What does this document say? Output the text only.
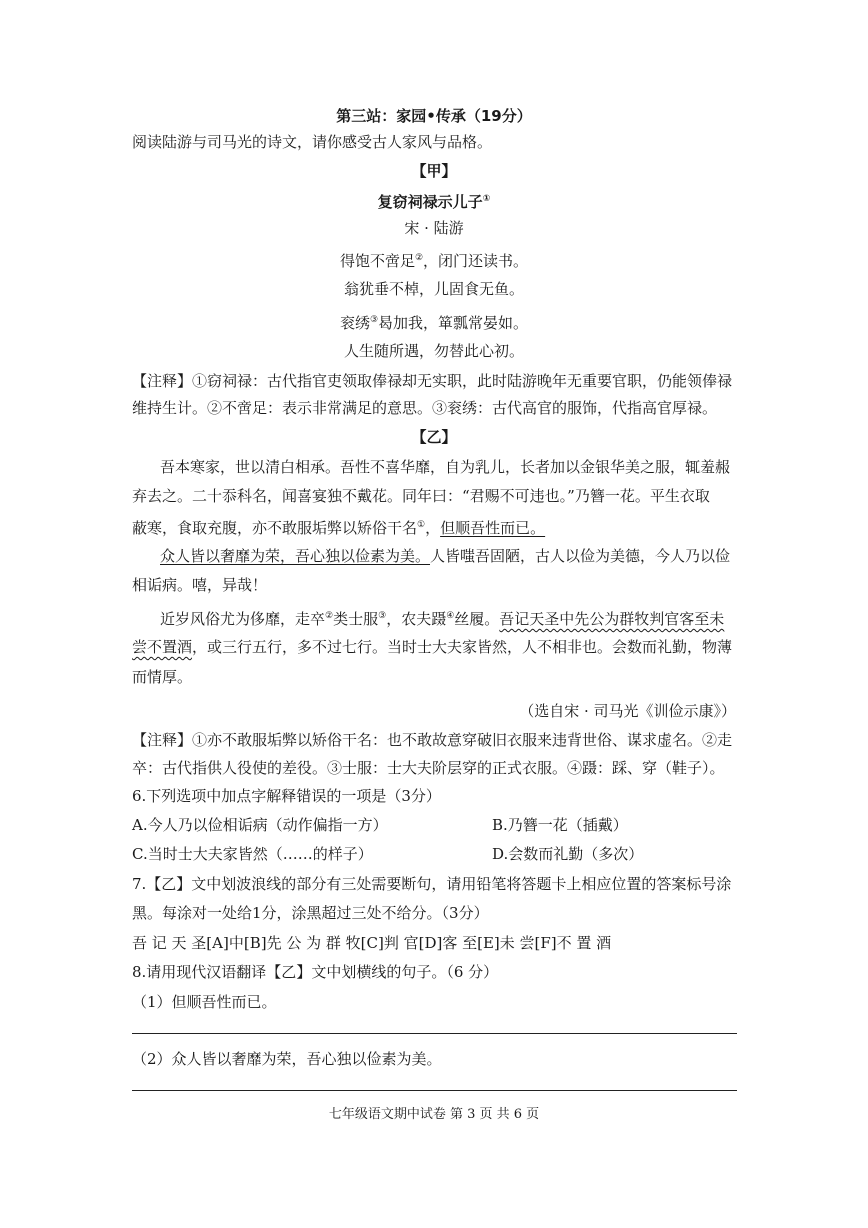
第三站：家园•传承（19分）
阅读陆游与司马光的诗文，请你感受古人家风与品格。
【甲】
复窃祠禄示儿子①
宋 · 陆游
得饱不啻足②，闭门还读书。
翁犹垂不棹，儿固食无鱼。
衮绣③曷加我，箪瓢常晏如。
人生随所遇，勿替此心初。
【注释】①窃祠禄：古代指官吏领取俸禄却无实职，此时陆游晚年无重要官职，仍能领俸禄
维持生计。②不啻足：表示非常满足的意思。③衮绣：古代高官的服饰，代指高官厚禄。
【乙】
吾本寒家，世以清白相承。吾性不喜华靡，自为乳儿，长者加以金银华美之服，辄羞赧
弃去之。二十忝科名，闻喜宴独不戴花。同年曰：“君赐不可违也。”乃簪一花。平生衣取
蔽寒，食取充腹，亦不敢服垢弊以矫俗干名①，但顺吾性而已。
众人皆以奢靡为荣，吾心独以俭素为美。人皆嗤吾固陋，古人以俭为美德，今人乃以俭
相诟病。嘻，异哉！
近岁风俗尤为侈靡，走卒②类士服③，农夫蹑④丝履。吾记天圣中先公为群牧判官客至未
尝不置酒，或三行五行，多不过七行。当时士大夫家皆然，人不相非也。会数而礼勤，物薄
而情厚。
（选自宋 · 司马光《训俭示康》）
【注释】①亦不敢服垢弊以矫俗干名：也不敢故意穿破旧衣服来违背世俗、谋求虚名。②走
卒：古代指供人役使的差役。③士服：士大夫阶层穿的正式衣服。④蹑：踩、穿（鞋子）。
6.下列选项中加点字解释错误的一项是（3分）
A.今人乃以俭相诟病（动作偏指一方）	B.乃簪一花（插戴）
C.当时士大夫家皆然（……的样子）	D.会数而礼勤（多次）
7.【乙】文中划波浪线的部分有三处需要断句，请用铅笔将答题卡上相应位置的答案标号涂
黑。每涂对一处给1分，涂黑超过三处不给分。（3分）
吾 记 天 圣[A]中[B]先 公 为 群 牧[C]判 官[D]客 至[E]未 尝[F]不 置 酒
8.请用现代汉语翻译【乙】文中划横线的句子。（6 分）
（1）但顺吾性而已。
（2）众人皆以奢靡为荣，吾心独以俭素为美。
七年级语文期中试卷 第 3 页 共 6 页
